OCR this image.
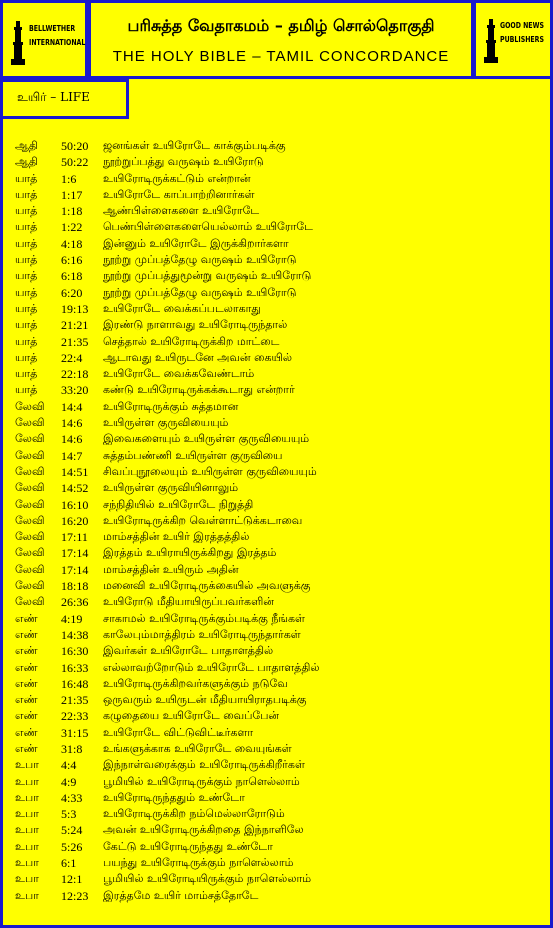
BELLWETHER
INTERNATIONAL
பரிசுத்த வேதாகமம் – தமிழ் சொல்தொகுதி
THE HOLY BIBLE – TAMIL CONCORDANCE
GOOD NEWS
PUBLISHERS
உயிர் – LIFE
ஆதி 50:20 ஜனங்கள் உயிரோடே காக்கும்படிக்கு
ஆதி 50:22 நூற்றுப்பத்து வருஷம் உயிரோடு
யாத் 1:6 உயிரோடிருக்கட்டும் என்றான்
யாத் 1:17 உயிரோடே காப்பாற்றினார்கள்
யாத் 1:18 ஆண்பிள்ளைகளை உயிரோடே
யாத் 1:22 பெண்பிள்ளைகளையெல்லாம் உயிரோடே
யாத் 4:18 இன்னும் உயிரோடே இருக்கிறார்களா
யாத் 6:16 நூற்று முப்பத்தேழு வருஷம் உயிரோடு
யாத் 6:18 நூற்று முப்பத்துமூன்று வருஷம் உயிரோடு
யாத் 6:20 நூற்று முப்பத்தேழு வருஷம் உயிரோடு
யாத் 19:13 உயிரோடே வைக்கப்படலாகாது
யாத் 21:21 இரண்டு நாளாவது உயிரோடிருந்தால்
யாத் 21:35 செத்தால் உயிரோடிருக்கிற மாட்டை
யாத் 22:4 ஆடாவது உயிருடனே அவன் கையில்
யாத் 22:18 உயிரோடே வைக்கவேண்டாம்
யாத் 33:20 கண்டு உயிரோடிருக்கக்கூடாது என்றார்
லேவி 14:4 உயிரோடிருக்கும் சுத்தமான
லேவி 14:6 உயிருள்ள குருவியையும்
லேவி 14:6 இவைகளையும் உயிருள்ள குருவியையும்
லேவி 14:7 சுத்தம்பண்ணி உயிருள்ள குருவியை
லேவி 14:51 சிவப்புநூலையும் உயிருள்ள குருவியையும்
லேவி 14:52 உயிருள்ள குருவியினாலும்
லேவி 16:10 சந்நிதியில் உயிரோடே நிறுத்தி
லேவி 16:20 உயிரோடிருக்கிற வெள்ளாட்டுக்கடாவை
லேவி 17:11 மாம்சத்தின் உயிர் இரத்தத்தில்
லேவி 17:14 இரத்தம் உயிராயிருக்கிறது இரத்தம்
லேவி 17:14 மாம்சத்தின் உயிரும் அதின்
லேவி 18:18 மனைவி உயிரோடிருக்கையில் அவளுக்கு
லேவி 26:36 உயிரோடு மீதியாயிருப்பவர்களின்
எண் 4:19 சாகாமல் உயிரோடிருக்கும்படிக்கு நீங்கள்
எண் 14:38 காலேபும்மாத்திரம் உயிரோடிருந்தார்கள்
எண் 16:30 இவர்கள் உயிரோடே பாதாளத்தில்
எண் 16:33 எல்லாவற்றோடும் உயிரோடே பாதாளத்தில்
எண் 16:48 உயிரோடிருக்கிறவர்களுக்கும் நடுவே
எண் 21:35 ஒருவரும் உயிருடன் மீதியாயிராதபடிக்கு
எண் 22:33 கழுதையை உயிரோடே வைப்பேன்
எண் 31:15 உயிரோடே விட்டுவிட்டீர்களா
எண் 31:8 உங்களுக்காக உயிரோடே வையுங்கள்
உபா 4:4 இந்நாள்வரைக்கும் உயிரோடிருக்கிறீர்கள்
உபா 4:9 பூமியில் உயிரோடிருக்கும் நாளெல்லாம்
உபா 4:33 உயிரோடிருந்ததும் உண்டோ
உபா 5:3 உயிரோடிருக்கிற நம்மெல்லாரோடும்
உபா 5:24 அவன் உயிரோடிருக்கிறதை இந்நாளிலே
உபா 5:26 கேட்டு உயிரோடிருந்தது உண்டோ
உபா 6:1 பயந்து உயிரோடிருக்கும் நாளெல்லாம்
உபா 12:1 பூமியில் உயிரோடியிருக்கும் நாளெல்லாம்
உபா 12:23 இரத்தமே உயிர் மாம்சத்தோடே
